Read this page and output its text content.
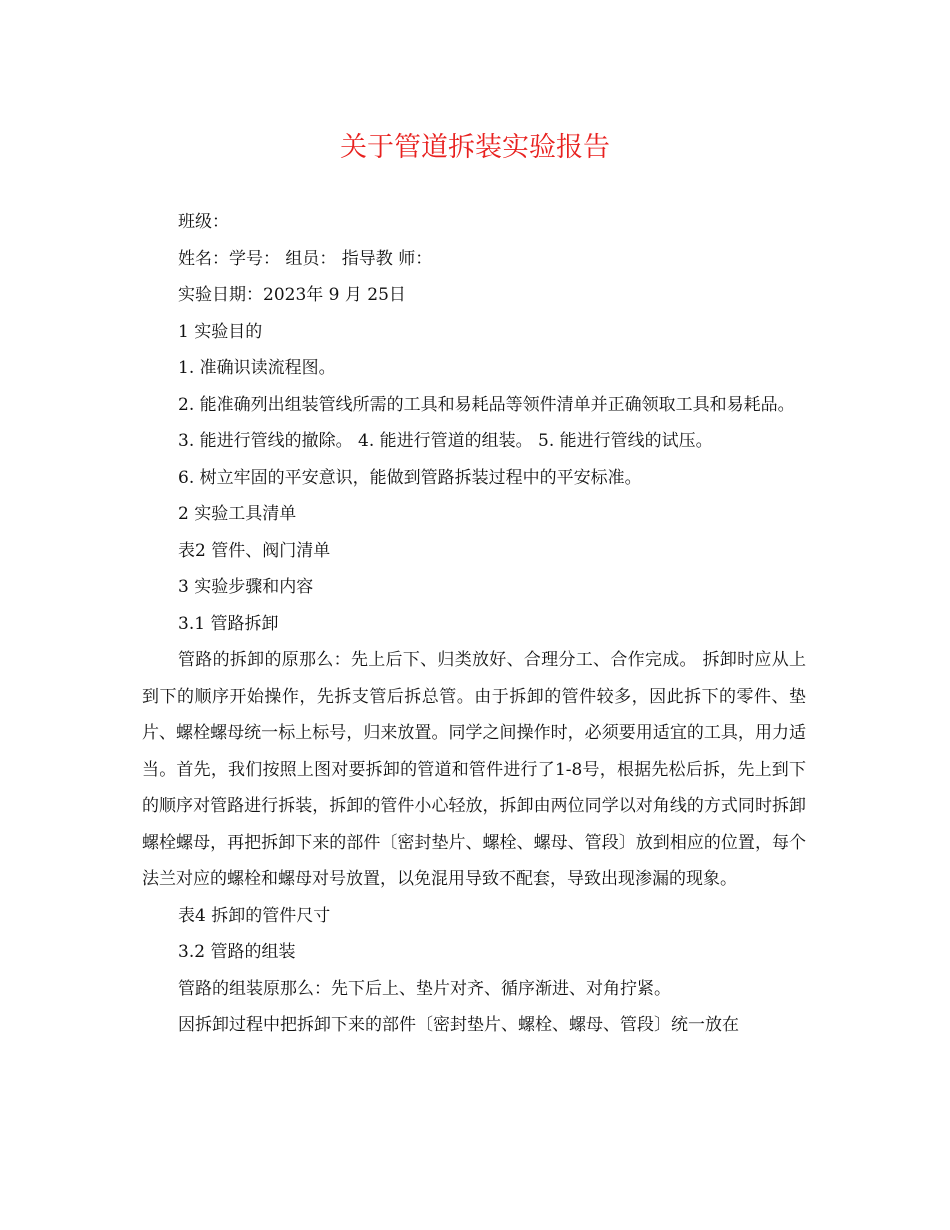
关于管道拆装实验报告

班级：

姓名：学号： 组员： 指导教 师：

实验日期：2023年 9 月 25日

1 实验目的

1. 准确识读流程图。

2. 能准确列出组装管线所需的工具和易耗品等领件清单并正确领取工具和易耗品。

3. 能进行管线的撤除。 4. 能进行管道的组装。 5. 能进行管线的试压。

6. 树立牢固的平安意识，能做到管路拆装过程中的平安标准。

2 实验工具清单

表2 管件、阀门清单

3 实验步骤和内容

3.1 管路拆卸

管路的拆卸的原那么：先上后下、归类放好、合理分工、合作完成。 拆卸时应从上到下的顺序开始操作，先拆支管后拆总管。由于拆卸的管件较多，因此拆下的零件、垫片、螺栓螺母统一标上标号，归来放置。同学之间操作时，必须要用适宜的工具，用力适当。首先，我们按照上图对要拆卸的管道和管件进行了1-8号，根据先松后拆，先上到下的顺序对管路进行拆装，拆卸的管件小心轻放，拆卸由两位同学以对角线的方式同时拆卸螺栓螺母，再把拆卸下来的部件〔密封垫片、螺栓、螺母、管段〕放到相应的位置，每个法兰对应的螺栓和螺母对号放置，以免混用导致不配套，导致出现渗漏的现象。

表4 拆卸的管件尺寸

3.2 管路的组装

管路的组装原那么：先下后上、垫片对齐、循序渐进、对角拧紧。

因拆卸过程中把拆卸下来的部件〔密封垫片、螺栓、螺母、管段〕统一放在
